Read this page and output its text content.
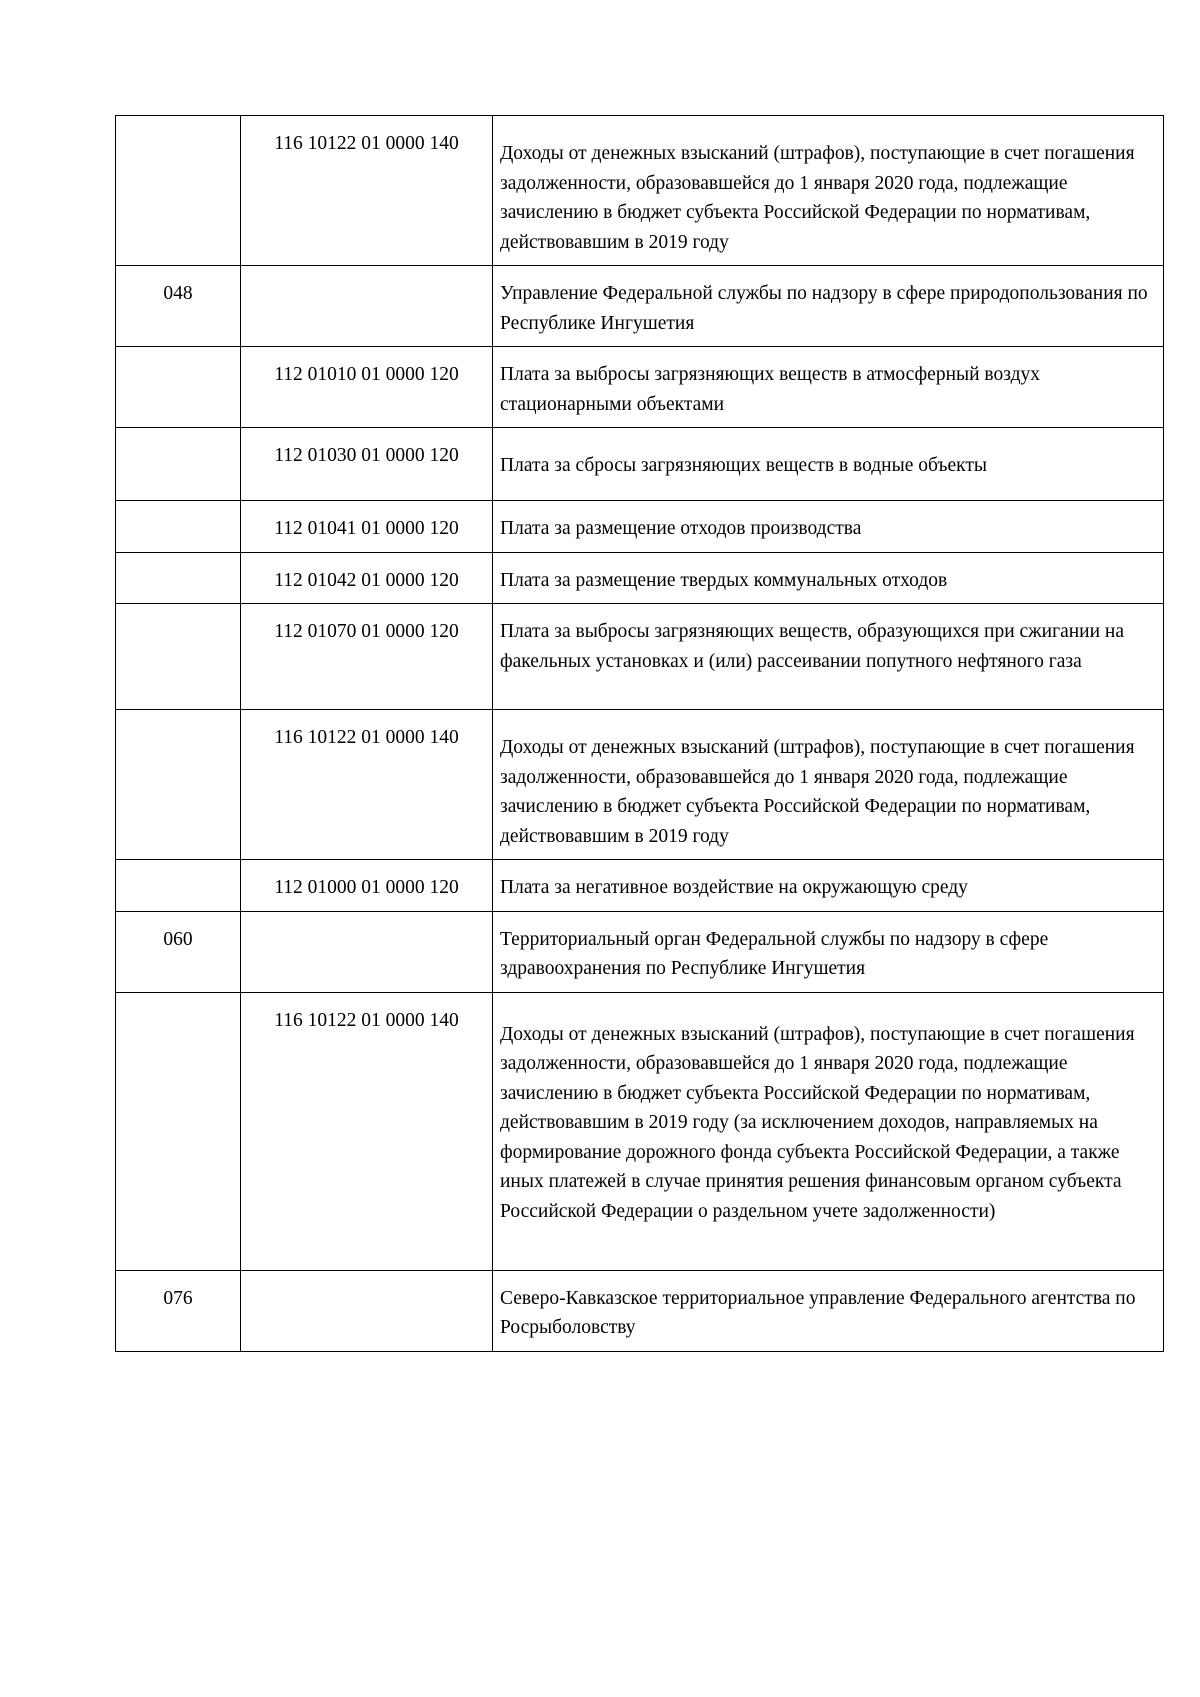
	116 10122 01 0000 140	Доходы от денежных взысканий (штрафов), поступающие в счет погашения задолженности, образовавшейся до 1 января 2020 года, подлежащие зачислению в бюджет субъекта Российской Федерации по нормативам, действовавшим в 2019 году
048		Управление Федеральной службы по надзору в сфере природопользования по Республике Ингушетия
	112 01010 01 0000 120	Плата за выбросы загрязняющих веществ в атмосферный воздух стационарными объектами
	112 01030 01 0000 120	Плата за сбросы загрязняющих веществ в водные объекты
	112 01041 01 0000 120	Плата за размещение отходов производства
	112 01042 01 0000 120	Плата за размещение твердых коммунальных отходов
	112 01070 01 0000 120	Плата за выбросы загрязняющих веществ, образующихся при сжигании на факельных установках и (или) рассеивании попутного нефтяного газа
	116 10122 01 0000 140	Доходы от денежных взысканий (штрафов), поступающие в счет погашения задолженности, образовавшейся до 1 января 2020 года, подлежащие зачислению в бюджет субъекта Российской Федерации по нормативам, действовавшим в 2019 году
	112 01000 01 0000 120	Плата за негативное воздействие на окружающую среду
060		Территориальный орган Федеральной службы по надзору в сфере здравоохранения по Республике Ингушетия
	116 10122 01 0000 140	Доходы от денежных взысканий (штрафов), поступающие в счет погашения задолженности, образовавшейся до 1 января 2020 года, подлежащие зачислению в бюджет субъекта Российской Федерации по нормативам, действовавшим в 2019 году (за исключением доходов, направляемых на формирование дорожного фонда субъекта Российской Федерации, а также иных платежей в случае принятия решения финансовым органом субъекта Российской Федерации о раздельном учете задолженности)
076		Северо-Кавказское территориальное управление Федерального агентства по Росрыболовству
